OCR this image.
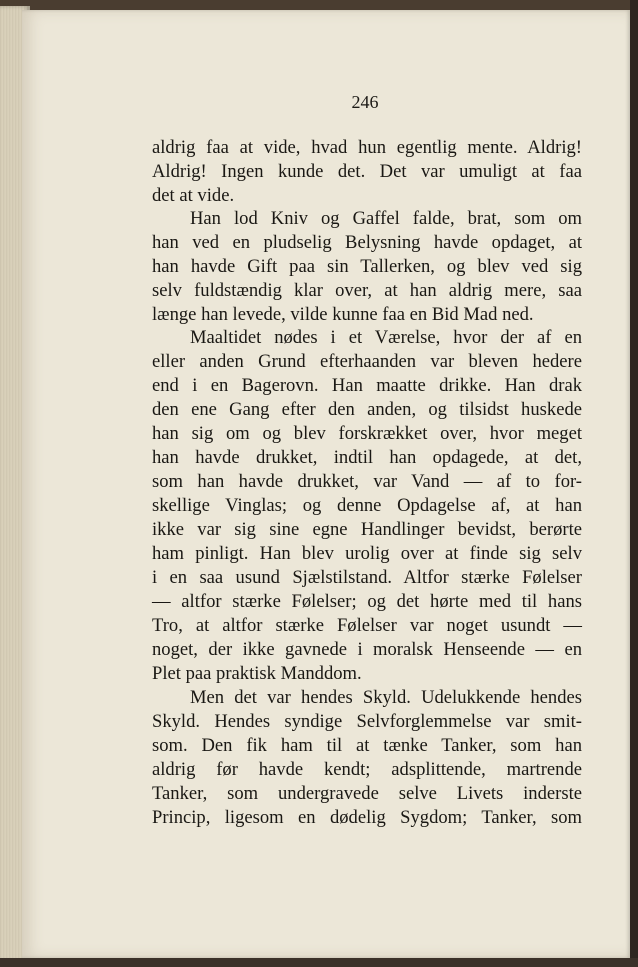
246

aldrig faa at vide, hvad hun egentlig mente. Aldrig!

Aldrig! Ingen kunde det. Det var umuligt at faa

det at vide.

Han lod Kniv og Gaffel falde, brat, som om

han ved en pludselig Belysning havde opdaget, at

han havde Gift paa sin Tallerken, og blev ved sig

selv fuldstændig klar over, at han aldrig mere, saa

længe han levede, vilde kunne faa en Bid Mad ned.

Maaltidet nødes i et Værelse, hvor der af en

eller anden Grund efterhaanden var bleven hedere

end i en Bagerovn. Han maatte drikke. Han drak

den ene Gang efter den anden, og tilsidst huskede

han sig om og blev forskrækket over, hvor meget

han havde drukket, indtil han opdagede, at det,

som han havde drukket, var Vand — af to for-

skellige Vinglas; og denne Opdagelse af, at han

ikke var sig sine egne Handlinger bevidst, berørte

ham pinligt. Han blev urolig over at finde sig selv

i en saa usund Sjælstilstand. Altfor stærke Følelser

— altfor stærke Følelser; og det hørte med til hans

Tro, at altfor stærke Følelser var noget usundt —

noget, der ikke gavnede i moralsk Henseende — en

Plet paa praktisk Manddom.

Men det var hendes Skyld. Udelukkende hendes

Skyld. Hendes syndige Selvforglemmelse var smit-

som. Den fik ham til at tænke Tanker, som han

aldrig før havde kendt; adsplittende, martrende

Tanker, som undergravede selve Livets inderste

Princip, ligesom en dødelig Sygdom; Tanker, som
